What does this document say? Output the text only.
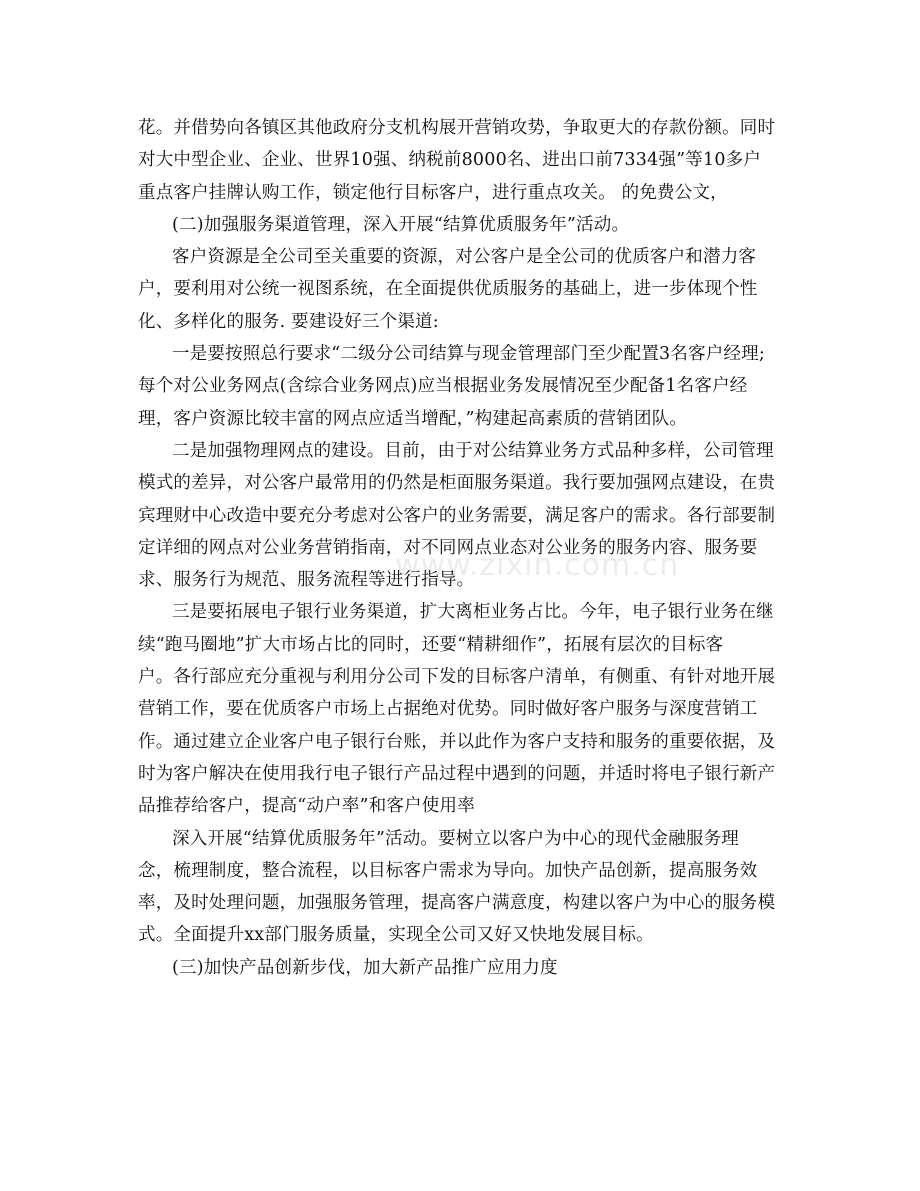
www.zixin.com.cn
花。并借势向各镇区其他政府分支机构展开营销攻势，争取更大的存款份额。同时
对大中型企业、企业、世界10强、纳税前8000名、进出口前7334强”等10多户
重点客户挂牌认购工作，锁定他行目标客户，进行重点攻关。 的免费公文，
(二)加强服务渠道管理，深入开展“结算优质服务年”活动。
客户资源是全公司至关重要的资源，对公客户是全公司的优质客户和潜力客
户，要利用对公统一视图系统，在全面提供优质服务的基础上，进一步体现个性
化、多样化的服务. 要建设好三个渠道:
一是要按照总行要求“二级分公司结算与现金管理部门至少配置3名客户经理;
每个对公业务网点(含综合业务网点)应当根据业务发展情况至少配备1名客户经
理，客户资源比较丰富的网点应适当增配，”构建起高素质的营销团队。
二是加强物理网点的建设。目前，由于对公结算业务方式品种多样，公司管理
模式的差异，对公客户最常用的仍然是柜面服务渠道。我行要加强网点建设，在贵
宾理财中心改造中要充分考虑对公客户的业务需要，满足客户的需求。各行部要制
定详细的网点对公业务营销指南，对不同网点业态对公业务的服务内容、服务要
求、服务行为规范、服务流程等进行指导。
三是要拓展电子银行业务渠道，扩大离柜业务占比。今年，电子银行业务在继
续“跑马圈地”扩大市场占比的同时，还要“精耕细作”，拓展有层次的目标客
户。各行部应充分重视与利用分公司下发的目标客户清单，有侧重、有针对地开展
营销工作，要在优质客户市场上占据绝对优势。同时做好客户服务与深度营销工
作。通过建立企业客户电子银行台账，并以此作为客户支持和服务的重要依据，及
时为客户解决在使用我行电子银行产品过程中遇到的问题，并适时将电子银行新产
品推荐给客户，提高“动户率”和客户使用率
深入开展“结算优质服务年”活动。要树立以客户为中心的现代金融服务理
念，梳理制度，整合流程，以目标客户需求为导向。加快产品创新，提高服务效
率，及时处理问题，加强服务管理，提高客户满意度，构建以客户为中心的服务模
式。全面提升xx部门服务质量，实现全公司又好又快地发展目标。
(三)加快产品创新步伐，加大新产品推广应用力度
